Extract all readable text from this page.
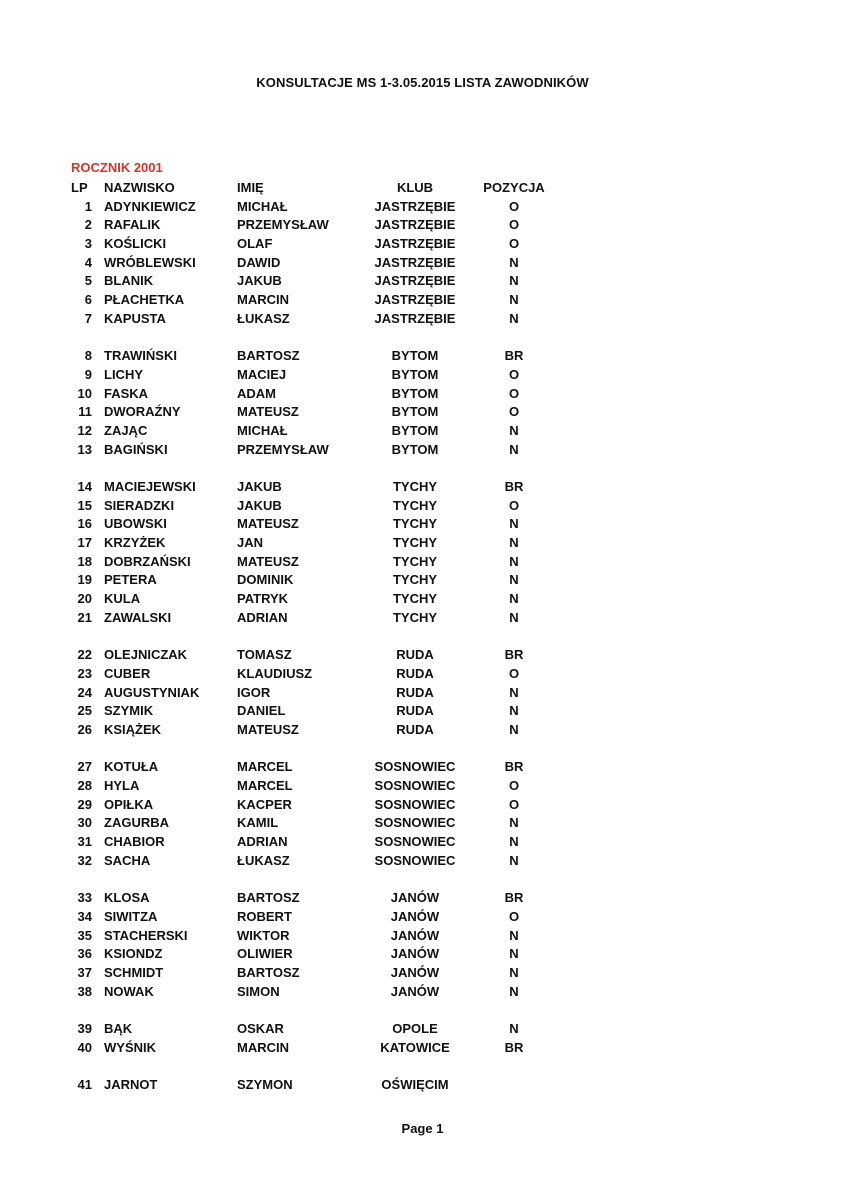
KONSULTACJE MS 1-3.05.2015 LISTA ZAWODNIKÓW
ROCZNIK 2001
LP	NAZWISKO	IMIĘ	KLUB	POZYCJA
1 ADYNKIEWICZ	MICHAŁ	JASTRZĘBIE	O
2 RAFALIK	PRZEMYSŁAW	JASTRZĘBIE	O
3 KOŚLICKI	OLAF	JASTRZĘBIE	O
4 WRÓBLEWSKI	DAWID	JASTRZĘBIE	N
5 BLANIK	JAKUB	JASTRZĘBIE	N
6 PŁACHETKA	MARCIN	JASTRZĘBIE	N
7 KAPUSTA	ŁUKASZ	JASTRZĘBIE	N
8 TRAWIŃSKI	BARTOSZ	BYTOM	BR
9 LICHY	MACIEJ	BYTOM	O
10 FASKA	ADAM	BYTOM	O
11 DWORAŹNY	MATEUSZ	BYTOM	O
12 ZAJĄC	MICHAŁ	BYTOM	N
13 BAGIŃSKI	PRZEMYSŁAW	BYTOM	N
14 MACIEJEWSKI	JAKUB	TYCHY	BR
15 SIERADZKI	JAKUB	TYCHY	O
16 UBOWSKI	MATEUSZ	TYCHY	N
17 KRZYŻEK	JAN	TYCHY	N
18 DOBRZAŃSKI	MATEUSZ	TYCHY	N
19 PETERA	DOMINIK	TYCHY	N
20 KULA	PATRYK	TYCHY	N
21 ZAWALSKI	ADRIAN	TYCHY	N
22 OLEJNICZAK	TOMASZ	RUDA	BR
23 CUBER	KLAUDIUSZ	RUDA	O
24 AUGUSTYNIAK	IGOR	RUDA	N
25 SZYMIK	DANIEL	RUDA	N
26 KSIĄŻEK	MATEUSZ	RUDA	N
27 KOTUŁA	MARCEL	SOSNOWIEC	BR
28 HYLA	MARCEL	SOSNOWIEC	O
29 OPIŁKA	KACPER	SOSNOWIEC	O
30 ZAGURBA	KAMIL	SOSNOWIEC	N
31 CHABIOR	ADRIAN	SOSNOWIEC	N
32 SACHA	ŁUKASZ	SOSNOWIEC	N
33 KLOSA	BARTOSZ	JANÓW	BR
34 SIWITZA	ROBERT	JANÓW	O
35 STACHERSKI	WIKTOR	JANÓW	N
36 KSIONDZ	OLIWIER	JANÓW	N
37 SCHMIDT	BARTOSZ	JANÓW	N
38 NOWAK	SIMON	JANÓW	N
39 BĄK	OSKAR	OPOLE	N
40 WYŚNIK	MARCIN	KATOWICE	BR
41 JARNOT	SZYMON	OŚWIĘCIM
Page 1
